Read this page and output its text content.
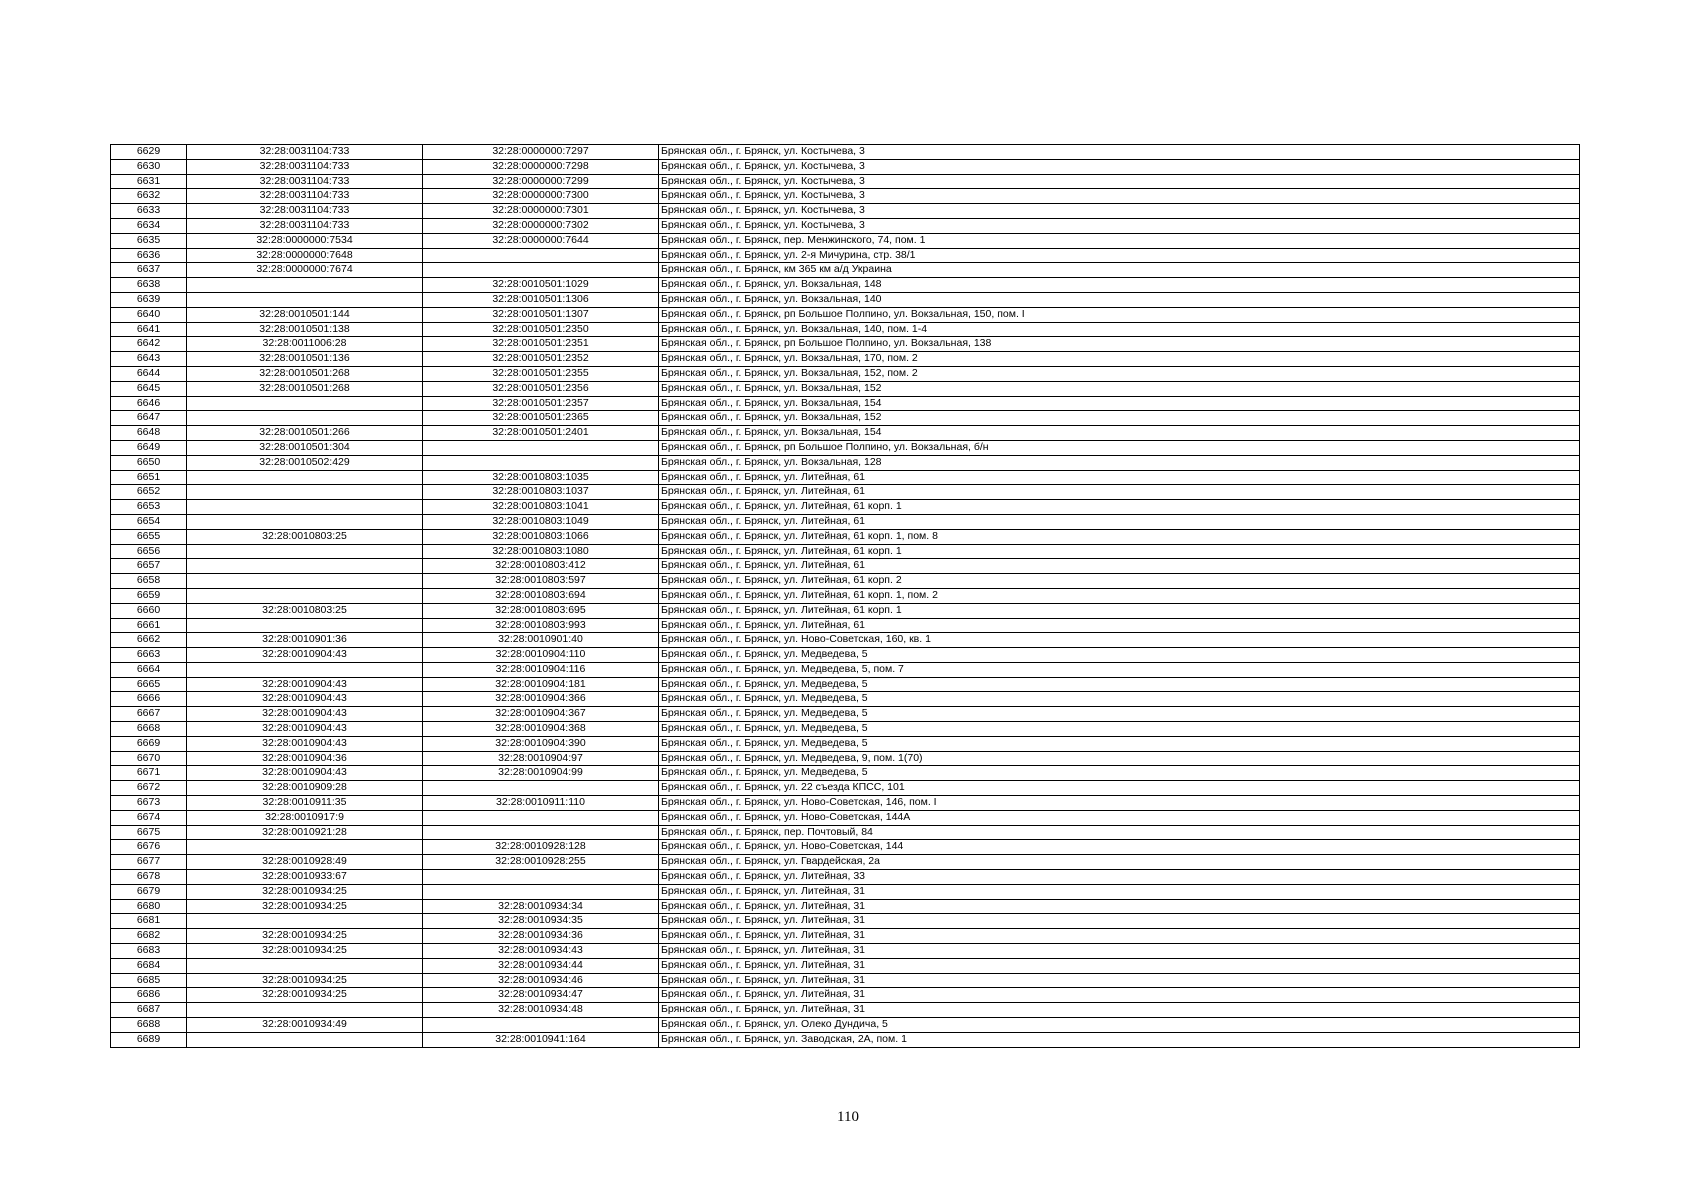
6629	32:28:0031104:733	32:28:0000000:7297	Брянская обл., г. Брянск, ул. Костычева, 3
6630	32:28:0031104:733	32:28:0000000:7298	Брянская обл., г. Брянск, ул. Костычева, 3
6631	32:28:0031104:733	32:28:0000000:7299	Брянская обл., г. Брянск, ул. Костычева, 3
6632	32:28:0031104:733	32:28:0000000:7300	Брянская обл., г. Брянск, ул. Костычева, 3
6633	32:28:0031104:733	32:28:0000000:7301	Брянская обл., г. Брянск, ул. Костычева, 3
6634	32:28:0031104:733	32:28:0000000:7302	Брянская обл., г. Брянск, ул. Костычева, 3
6635	32:28:0000000:7534	32:28:0000000:7644	Брянская обл., г. Брянск, пер. Менжинского, 74, пом. 1
6636	32:28:0000000:7648		Брянская обл., г. Брянск, ул. 2-я Мичурина, стр. 38/1
6637	32:28:0000000:7674		Брянская обл., г. Брянск, км 365 км а/д Украина
6638		32:28:0010501:1029	Брянская обл., г. Брянск, ул. Вокзальная, 148
6639		32:28:0010501:1306	Брянская обл., г. Брянск, ул. Вокзальная, 140
6640	32:28:0010501:144	32:28:0010501:1307	Брянская обл., г. Брянск, рп Большое Полпино, ул. Вокзальная, 150, пом. I
6641	32:28:0010501:138	32:28:0010501:2350	Брянская обл., г. Брянск, ул. Вокзальная, 140, пом. 1-4
6642	32:28:0011006:28	32:28:0010501:2351	Брянская обл., г. Брянск, рп Большое Полпино, ул. Вокзальная, 138
6643	32:28:0010501:136	32:28:0010501:2352	Брянская обл., г. Брянск, ул. Вокзальная, 170, пом. 2
6644	32:28:0010501:268	32:28:0010501:2355	Брянская обл., г. Брянск, ул. Вокзальная, 152, пом. 2
6645	32:28:0010501:268	32:28:0010501:2356	Брянская обл., г. Брянск, ул. Вокзальная, 152
6646		32:28:0010501:2357	Брянская обл., г. Брянск, ул. Вокзальная, 154
6647		32:28:0010501:2365	Брянская обл., г. Брянск, ул. Вокзальная, 152
6648	32:28:0010501:266	32:28:0010501:2401	Брянская обл., г. Брянск, ул. Вокзальная, 154
6649	32:28:0010501:304		Брянская обл., г. Брянск, рп Большое Полпино, ул. Вокзальная, б/н
6650	32:28:0010502:429		Брянская обл., г. Брянск, ул. Вокзальная, 128
6651		32:28:0010803:1035	Брянская обл., г. Брянск, ул. Литейная, 61
6652		32:28:0010803:1037	Брянская обл., г. Брянск, ул. Литейная, 61
6653		32:28:0010803:1041	Брянская обл., г. Брянск, ул. Литейная, 61 корп. 1
6654		32:28:0010803:1049	Брянская обл., г. Брянск, ул. Литейная, 61
6655	32:28:0010803:25	32:28:0010803:1066	Брянская обл., г. Брянск, ул. Литейная, 61 корп. 1, пом. 8
6656		32:28:0010803:1080	Брянская обл., г. Брянск, ул. Литейная, 61 корп. 1
6657		32:28:0010803:412	Брянская обл., г. Брянск, ул. Литейная, 61
6658		32:28:0010803:597	Брянская обл., г. Брянск, ул. Литейная, 61 корп. 2
6659		32:28:0010803:694	Брянская обл., г. Брянск, ул. Литейная, 61 корп. 1, пом. 2
6660	32:28:0010803:25	32:28:0010803:695	Брянская обл., г. Брянск, ул. Литейная, 61 корп. 1
6661		32:28:0010803:993	Брянская обл., г. Брянск, ул. Литейная, 61
6662	32:28:0010901:36	32:28:0010901:40	Брянская обл., г. Брянск, ул. Ново-Советская, 160, кв. 1
6663	32:28:0010904:43	32:28:0010904:110	Брянская обл., г. Брянск, ул. Медведева, 5
6664		32:28:0010904:116	Брянская обл., г. Брянск, ул. Медведева, 5, пом. 7
6665	32:28:0010904:43	32:28:0010904:181	Брянская обл., г. Брянск, ул. Медведева, 5
6666	32:28:0010904:43	32:28:0010904:366	Брянская обл., г. Брянск, ул. Медведева, 5
6667	32:28:0010904:43	32:28:0010904:367	Брянская обл., г. Брянск, ул. Медведева, 5
6668	32:28:0010904:43	32:28:0010904:368	Брянская обл., г. Брянск, ул. Медведева, 5
6669	32:28:0010904:43	32:28:0010904:390	Брянская обл., г. Брянск, ул. Медведева, 5
6670	32:28:0010904:36	32:28:0010904:97	Брянская обл., г. Брянск, ул. Медведева, 9, пом. 1(70)
6671	32:28:0010904:43	32:28:0010904:99	Брянская обл., г. Брянск, ул. Медведева, 5
6672	32:28:0010909:28		Брянская обл., г. Брянск, ул. 22 съезда КПСС, 101
6673	32:28:0010911:35	32:28:0010911:110	Брянская обл., г. Брянск, ул. Ново-Советская, 146, пом. I
6674	32:28:0010917:9		Брянская обл., г. Брянск, ул. Ново-Советская, 144А
6675	32:28:0010921:28		Брянская обл., г. Брянск, пер. Почтовый, 84
6676		32:28:0010928:128	Брянская обл., г. Брянск, ул. Ново-Советская, 144
6677	32:28:0010928:49	32:28:0010928:255	Брянская обл., г. Брянск, ул. Гвардейская, 2а
6678	32:28:0010933:67		Брянская обл., г. Брянск, ул. Литейная, 33
6679	32:28:0010934:25		Брянская обл., г. Брянск, ул. Литейная, 31
6680	32:28:0010934:25	32:28:0010934:34	Брянская обл., г. Брянск, ул. Литейная, 31
6681		32:28:0010934:35	Брянская обл., г. Брянск, ул. Литейная, 31
6682	32:28:0010934:25	32:28:0010934:36	Брянская обл., г. Брянск, ул. Литейная, 31
6683	32:28:0010934:25	32:28:0010934:43	Брянская обл., г. Брянск, ул. Литейная, 31
6684		32:28:0010934:44	Брянская обл., г. Брянск, ул. Литейная, 31
6685	32:28:0010934:25	32:28:0010934:46	Брянская обл., г. Брянск, ул. Литейная, 31
6686	32:28:0010934:25	32:28:0010934:47	Брянская обл., г. Брянск, ул. Литейная, 31
6687		32:28:0010934:48	Брянская обл., г. Брянск, ул. Литейная, 31
6688	32:28:0010934:49		Брянская обл., г. Брянск, ул. Олеко Дундича, 5
6689		32:28:0010941:164	Брянская обл., г. Брянск, ул. Заводская, 2А, пом. 1
110
